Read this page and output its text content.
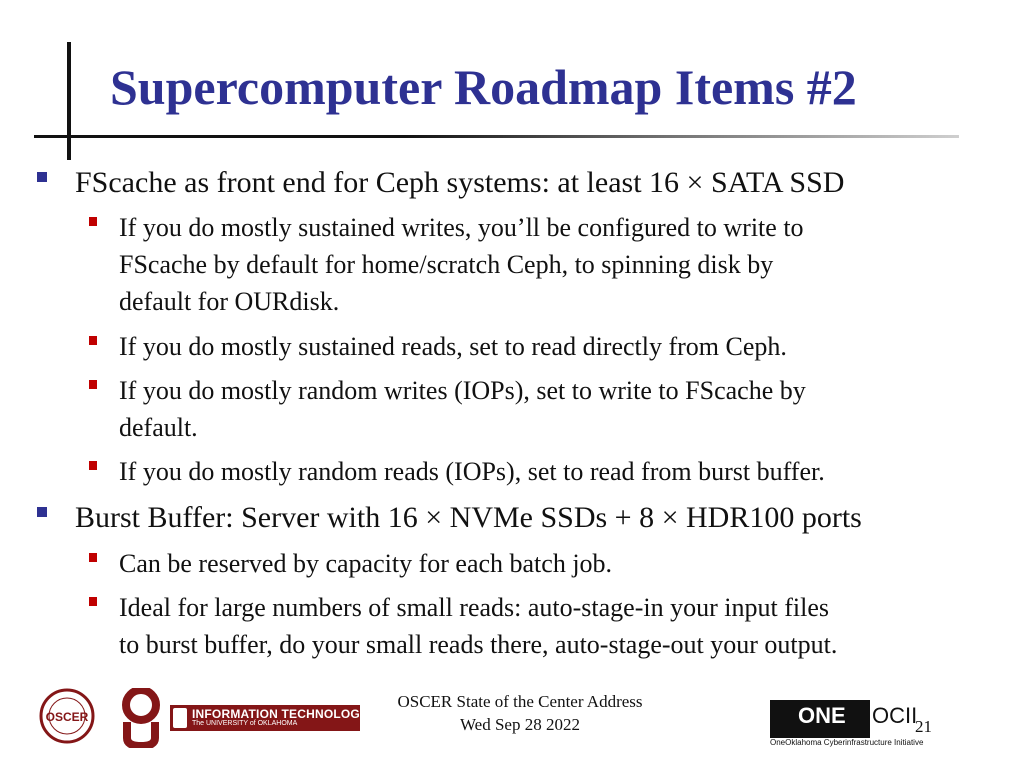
Supercomputer Roadmap Items #2
FScache as front end for Ceph systems: at least 16 × SATA SSD
If you do mostly sustained writes, you’ll be configured to write to
FScache by default for home/scratch Ceph, to spinning disk by
default for OURdisk.
If you do mostly sustained reads, set to read directly from Ceph.
If you do mostly random writes (IOPs), set to write to FScache by
default.
If you do mostly random reads (IOPs), set to read from burst buffer.
Burst Buffer: Server with 16 × NVMe SSDs + 8 × HDR100 ports
Can be reserved by capacity for each batch job.
Ideal for large numbers of small reads: auto-stage-in your input files
to burst buffer, do your small reads there, auto-stage-out your output.
OSCER	INFORMATION TECHNOLOGY
The UNIVERSITY of OKLAHOMA
OSCER State of the Center Address
Wed Sep 28 2022	ONE OCII
OneOklahoma Cyberinfrastructure Initiative
21
